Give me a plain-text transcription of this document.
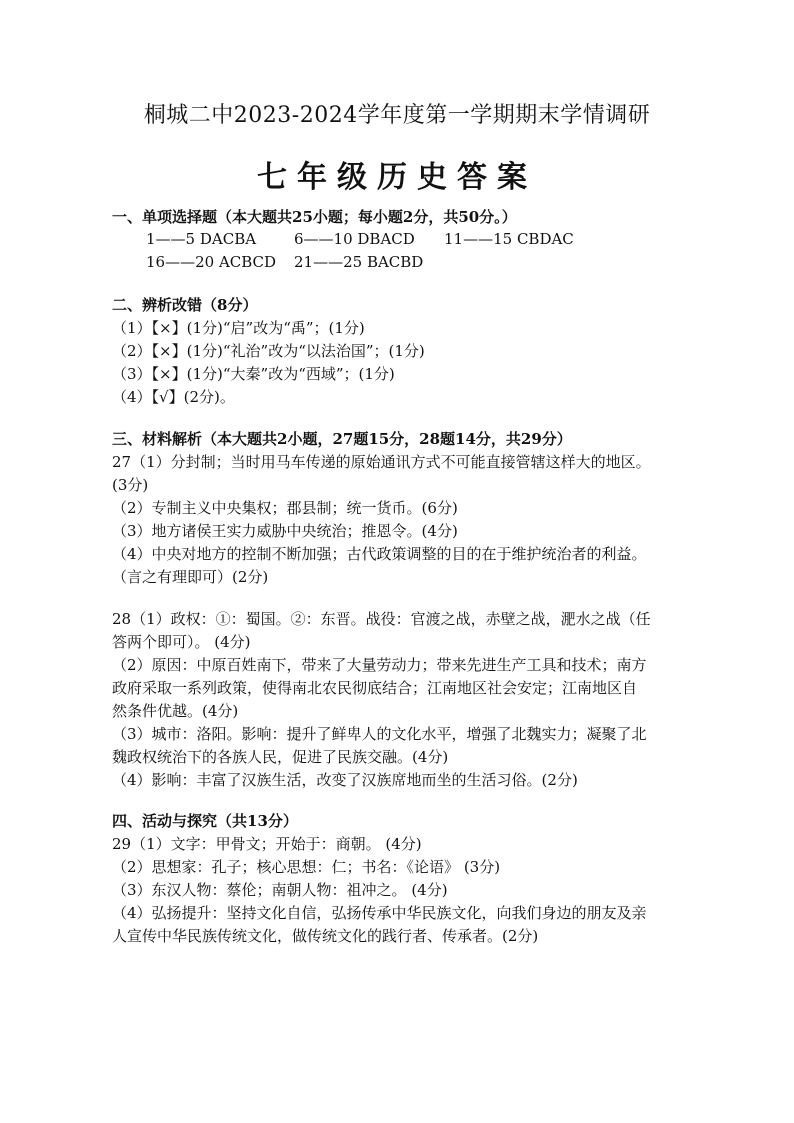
桐城二中2023-2024学年度第一学期期末学情调研
七年级历史答案
一、单项选择题（本大题共25小题；每小题2分，共50分。）
1——5 DACBA	6——10 DBACD 11——15 CBDAC
16——20 ACBCD 21——25 BACBD
二、辨析改错（8分）
（1）【×】(1分)“启”改为“禹”；(1分)
（2）【×】(1分)“礼治”改为“以法治国”；(1分)
（3）【×】(1分)“大秦”改为“西域”；(1分)
（4）【√】(2分)。
三、材料解析（本大题共2小题，27题15分，28题14分，共29分）
27（1）分封制；当时用马车传递的原始通讯方式不可能直接管辖这样大的地区。
(3分)
（2）专制主义中央集权；郡县制；统一货币。(6分)
（3）地方诸侯王实力威胁中央统治；推恩令。(4分)
（4）中央对地方的控制不断加强；古代政策调整的目的在于维护统治者的利益。
（言之有理即可）(2分)
28（1）政权：①：蜀国。②：东晋。战役：官渡之战，赤壁之战，淝水之战（任
答两个即可）。 (4分)
（2）原因：中原百姓南下，带来了大量劳动力；带来先进生产工具和技术；南方
政府采取一系列政策，使得南北农民彻底结合；江南地区社会安定；江南地区自
然条件优越。(4分)
（3）城市：洛阳。影响：提升了鲜卑人的文化水平，增强了北魏实力；凝聚了北
魏政权统治下的各族人民，促进了民族交融。(4分)
（4）影响：丰富了汉族生活，改变了汉族席地而坐的生活习俗。(2分)
四、活动与探究（共13分）
29（1）文字：甲骨文；开始于：商朝。 (4分)
（2）思想家：孔子；核心思想：仁；书名：《论语》 (3分)
（3）东汉人物：蔡伦；南朝人物：祖冲之。 (4分)
（4）弘扬提升：坚持文化自信，弘扬传承中华民族文化，向我们身边的朋友及亲
人宣传中华民族传统文化，做传统文化的践行者、传承者。(2分)
